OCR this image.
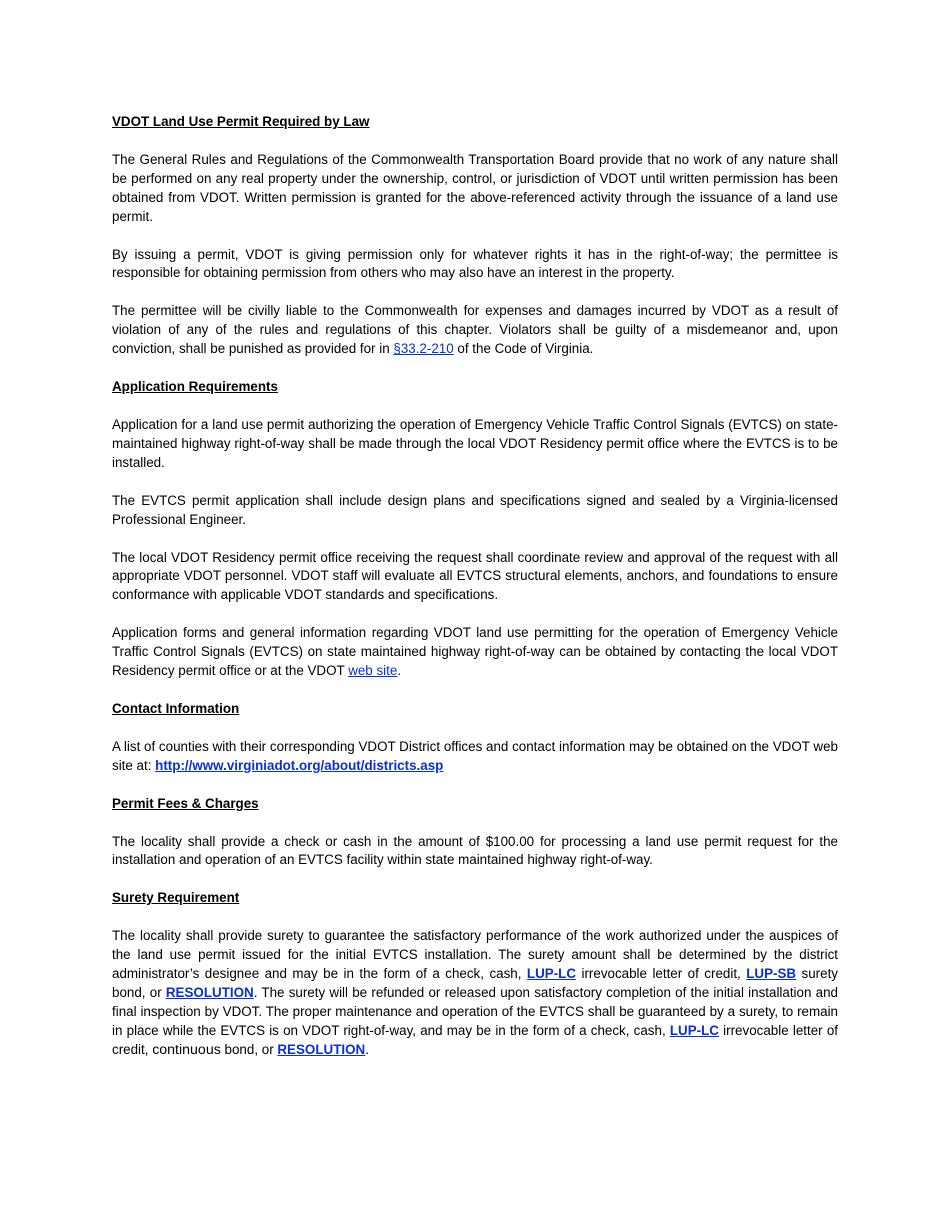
VDOT Land Use Permit Required by Law

The General Rules and Regulations of the Commonwealth Transportation Board provide that no work of any nature shall be performed on any real property under the ownership, control, or jurisdiction of VDOT until written permission has been obtained from VDOT. Written permission is granted for the above-referenced activity through the issuance of a land use permit.

By issuing a permit, VDOT is giving permission only for whatever rights it has in the right-of-way; the permittee is responsible for obtaining permission from others who may also have an interest in the property.

The permittee will be civilly liable to the Commonwealth for expenses and damages incurred by VDOT as a result of violation of any of the rules and regulations of this chapter. Violators shall be guilty of a misdemeanor and, upon conviction, shall be punished as provided for in §33.2-210 of the Code of Virginia.

Application Requirements

Application for a land use permit authorizing the operation of Emergency Vehicle Traffic Control Signals (EVTCS) on state-maintained highway right-of-way shall be made through the local VDOT Residency permit office where the EVTCS is to be installed.

The EVTCS permit application shall include design plans and specifications signed and sealed by a Virginia-licensed Professional Engineer.

The local VDOT Residency permit office receiving the request shall coordinate review and approval of the request with all appropriate VDOT personnel. VDOT staff will evaluate all EVTCS structural elements, anchors, and foundations to ensure conformance with applicable VDOT standards and specifications.

Application forms and general information regarding VDOT land use permitting for the operation of Emergency Vehicle Traffic Control Signals (EVTCS) on state maintained highway right-of-way can be obtained by contacting the local VDOT Residency permit office or at the VDOT web site.

Contact Information

A list of counties with their corresponding VDOT District offices and contact information may be obtained on the VDOT web site at: http://www.virginiadot.org/about/districts.asp

Permit Fees & Charges

The locality shall provide a check or cash in the amount of $100.00 for processing a land use permit request for the installation and operation of an EVTCS facility within state maintained highway right-of-way.

Surety Requirement

The locality shall provide surety to guarantee the satisfactory performance of the work authorized under the auspices of the land use permit issued for the initial EVTCS installation. The surety amount shall be determined by the district administrator’s designee and may be in the form of a check, cash, LUP-LC irrevocable letter of credit, LUP-SB surety bond, or RESOLUTION. The surety will be refunded or released upon satisfactory completion of the initial installation and final inspection by VDOT. The proper maintenance and operation of the EVTCS shall be guaranteed by a surety, to remain in place while the EVTCS is on VDOT right-of-way, and may be in the form of a check, cash, LUP-LC irrevocable letter of credit, continuous bond, or RESOLUTION.
